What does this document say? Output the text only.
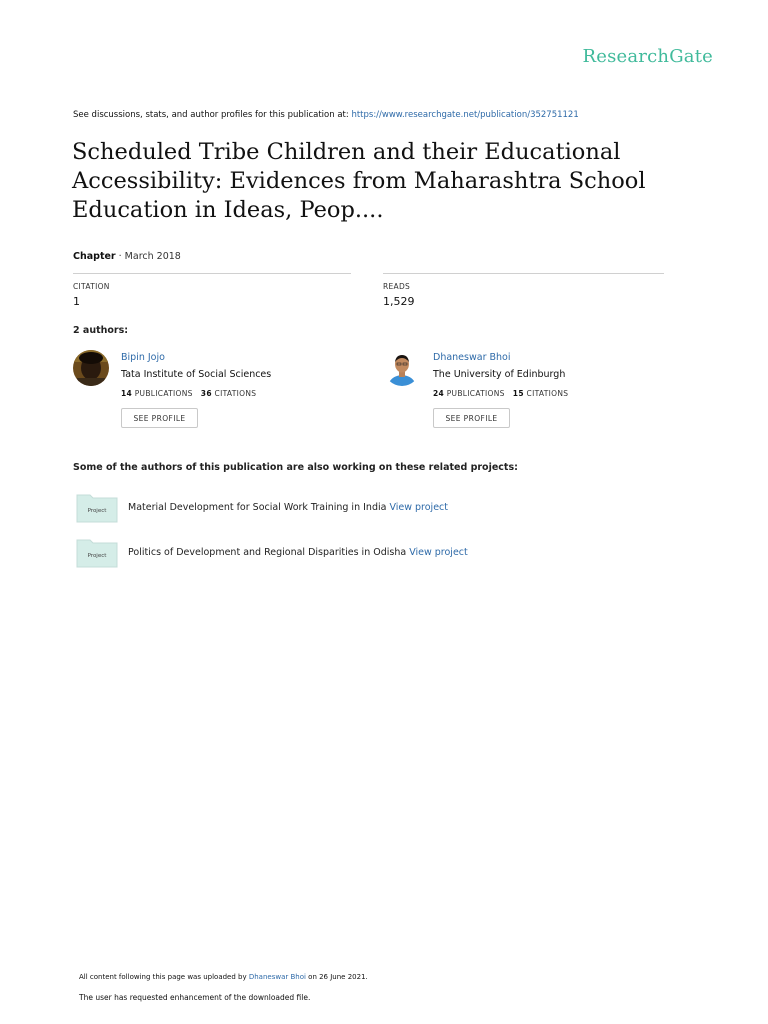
ResearchGate
See discussions, stats, and author profiles for this publication at: https://www.researchgate.net/publication/352751121
Scheduled Tribe Children and their Educational
Accessibility: Evidences from Maharashtra School
Education in Ideas, Peop....
Chapter · March 2018
CITATION
1
READS
1,529
2 authors:
Bipin Jojo
Tata Institute of Social Sciences
14 PUBLICATIONS 36 CITATIONS
SEE PROFILE
Dhaneswar Bhoi
The University of Edinburgh
24 PUBLICATIONS 15 CITATIONS
SEE PROFILE
Some of the authors of this publication are also working on these related projects:
Project Material Development for Social Work Training in India View project
Project Politics of Development and Regional Disparities in Odisha View project
All content following this page was uploaded by Dhaneswar Bhoi on 26 June 2021.
The user has requested enhancement of the downloaded file.
